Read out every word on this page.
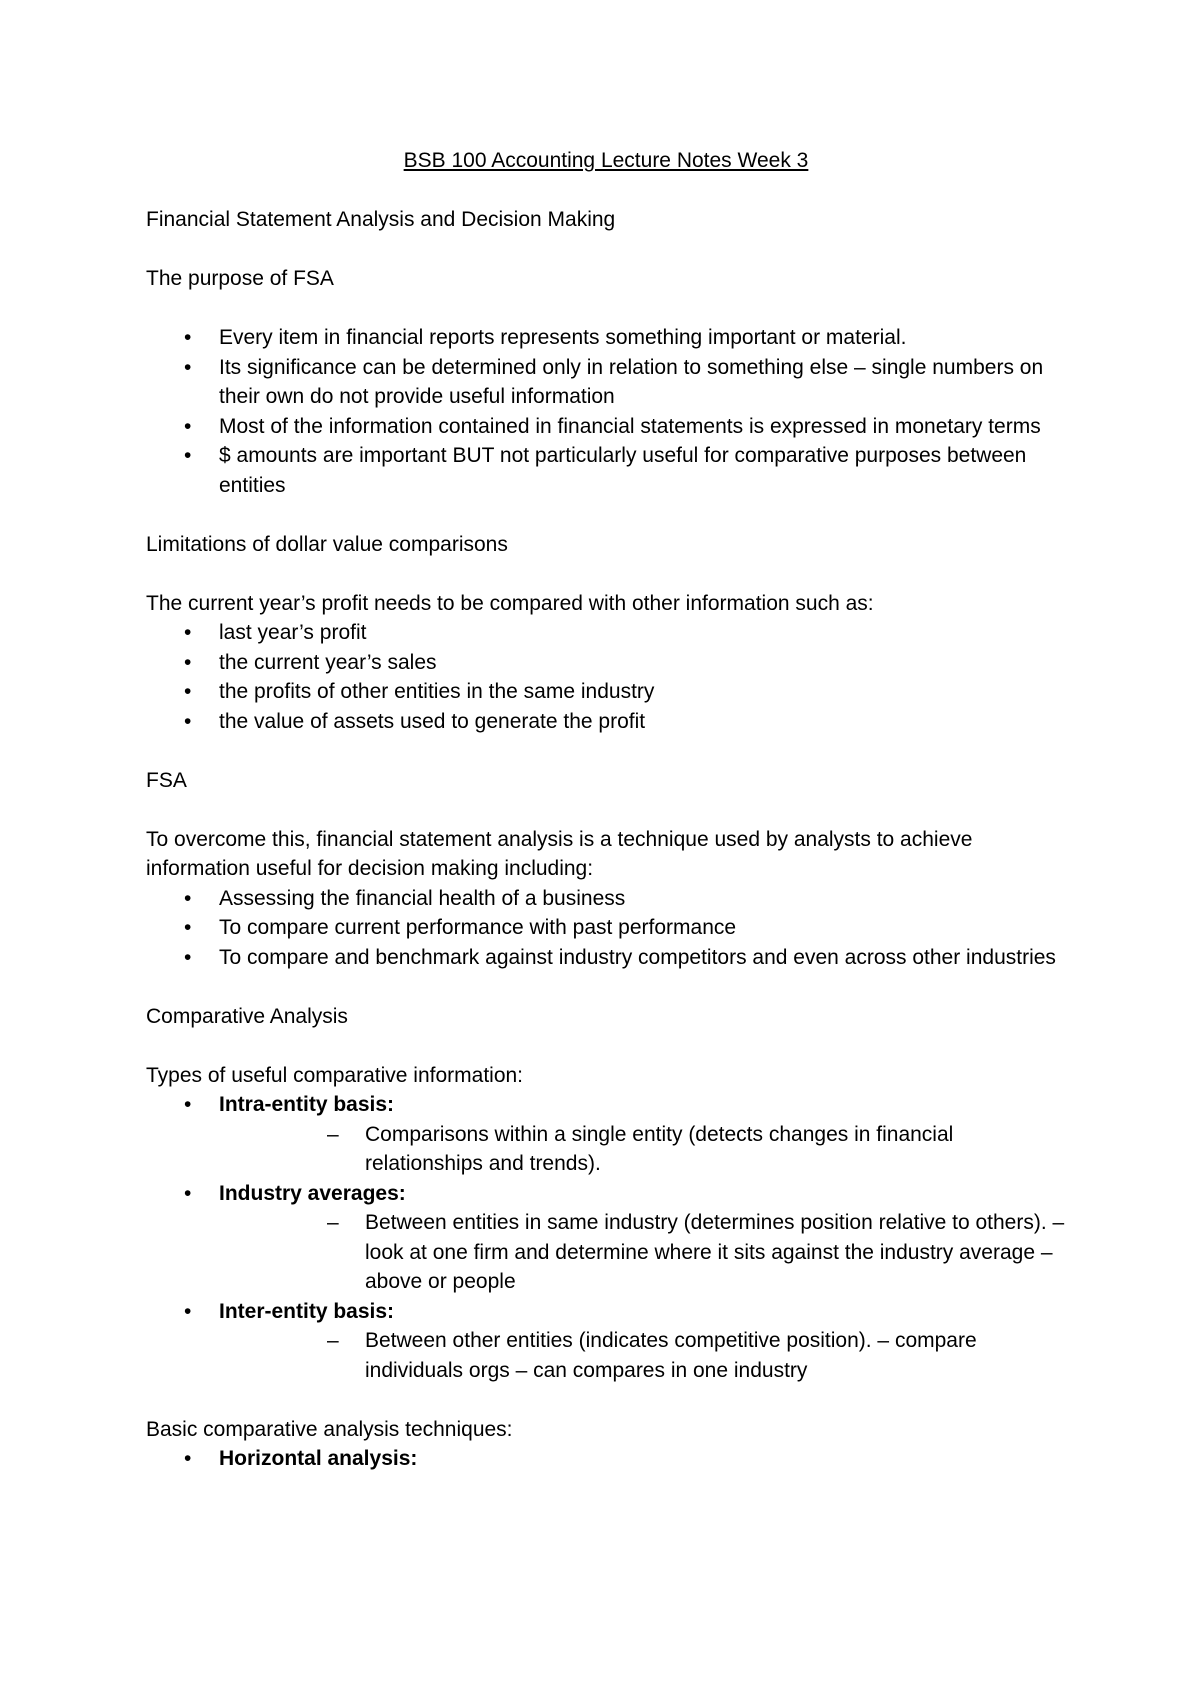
BSB 100 Accounting Lecture Notes Week 3

Financial Statement Analysis and Decision Making

The purpose of FSA

• Every item in financial reports represents something important or material.
• Its significance can be determined only in relation to something else – single numbers on their own do not provide useful information
• Most of the information contained in financial statements is expressed in monetary terms
• $ amounts are important BUT not particularly useful for comparative purposes between entities

Limitations of dollar value comparisons

The current year’s profit needs to be compared with other information such as:

• last year’s profit
• the current year’s sales
• the profits of other entities in the same industry
• the value of assets used to generate the profit

FSA

To overcome this, financial statement analysis is a technique used by analysts to achieve information useful for decision making including:

• Assessing the financial health of a business
• To compare current performance with past performance
• To compare and benchmark against industry competitors and even across other industries

Comparative Analysis

Types of useful comparative information:

• Intra-entity basis:
– Comparisons within a single entity (detects changes in financial relationships and trends).
• Industry averages:
– Between entities in same industry (determines position relative to others). – look at one firm and determine where it sits against the industry average – above or people
• Inter-entity basis:
– Between other entities (indicates competitive position). – compare individuals orgs – can compares in one industry

Basic comparative analysis techniques:

• Horizontal analysis:
